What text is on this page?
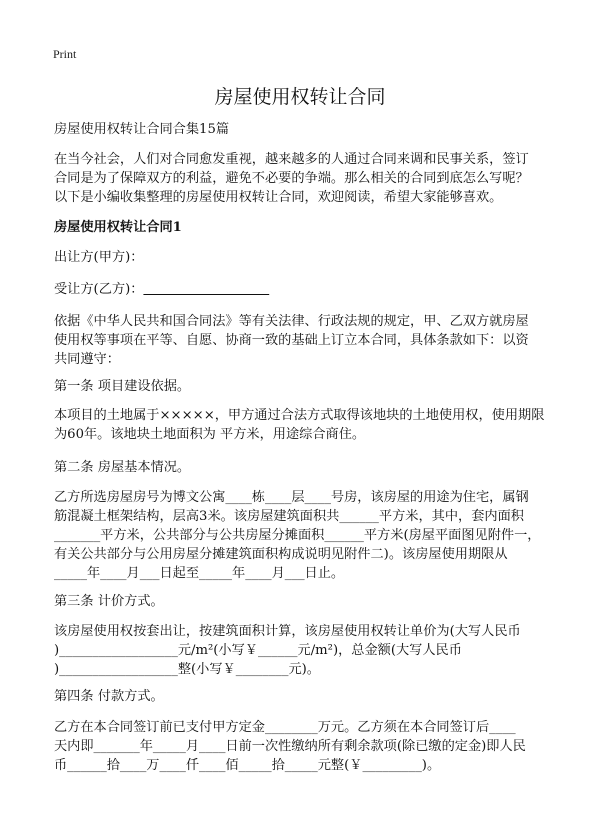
Print
房屋使用权转让合同
房屋使用权转让合同合集15篇
在当今社会，人们对合同愈发重视，越来越多的人通过合同来调和民事关系，签订
合同是为了保障双方的利益，避免不必要的争端。那么相关的合同到底怎么写呢？
以下是小编收集整理的房屋使用权转让合同，欢迎阅读，希望大家能够喜欢。
房屋使用权转让合同1
出让方(甲方)：
受让方(乙方)：
依据《中华人民共和国合同法》等有关法律、行政法规的规定，甲、乙双方就房屋
使用权等事项在平等、自愿、协商一致的基础上订立本合同，具体条款如下：以资
共同遵守：
第一条 项目建设依据。
本项目的土地属于×××××，甲方通过合法方式取得该地块的土地使用权，使用期限
为60年。该地块土地面积为 平方米，用途综合商住。
第二条 房屋基本情况。
乙方所选房屋房号为博文公寓____栋____层____号房，该房屋的用途为住宅，属钢
筋混凝土框架结构，层高3米。该房屋建筑面积共______平方米，其中，套内面积
_______平方米，公共部分与公共房屋分摊面积______平方米(房屋平面图见附件一，
有关公共部分与公用房屋分摊建筑面积构成说明见附件二)。该房屋使用期限从
_____年____月___日起至_____年____月___日止。
第三条 计价方式。
该房屋使用权按套出让，按建筑面积计算，该房屋使用权转让单价为(大写人民币
)__________________元/m²(小写￥______元/m²)，总金额(大写人民币
)__________________整(小写￥________元)。
第四条 付款方式。
乙方在本合同签订前已支付甲方定金________万元。乙方须在本合同签订后____
天内即_______年_____月____日前一次性缴纳所有剩余款项(除已缴的定金)即人民
币______拾____万____仟____佰_____拾_____元整(￥_________)。
